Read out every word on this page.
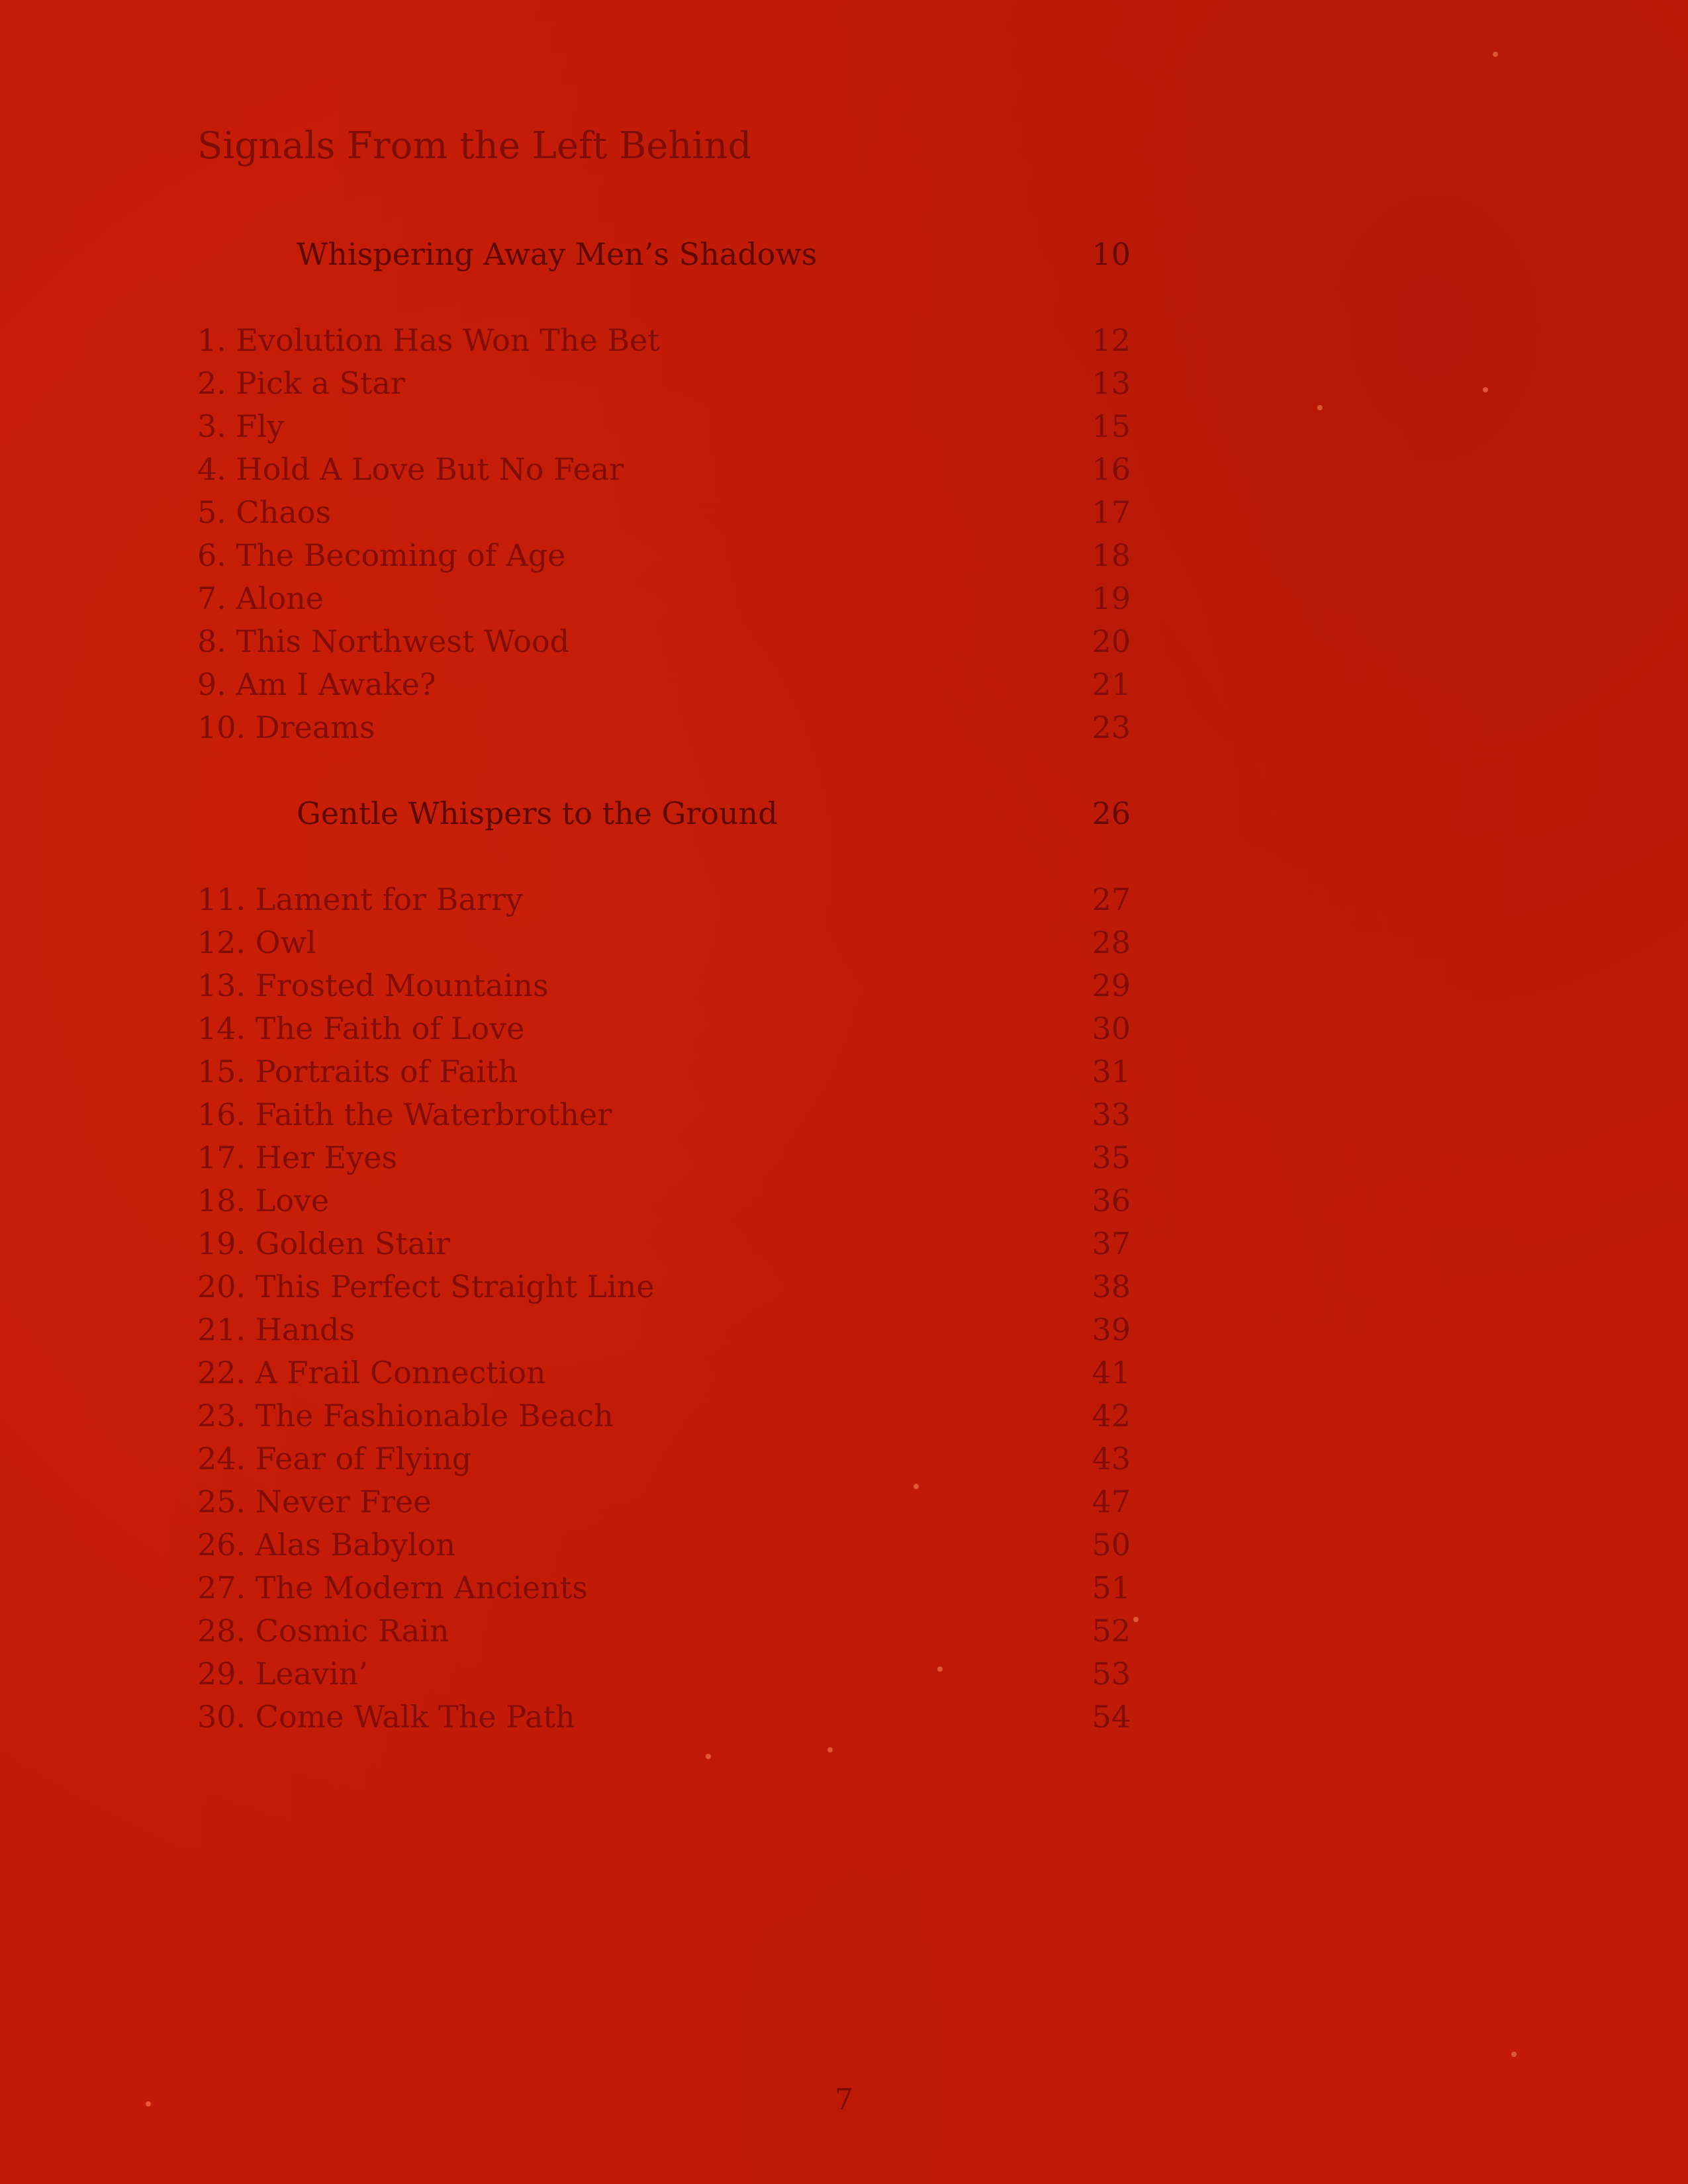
Signals From the Left Behind
Whispering Away Men’s Shadows	10
1. Evolution Has Won The Bet	12
2. Pick a Star	13
3. Fly	15
4. Hold A Love But No Fear	16
5. Chaos	17
6. The Becoming of Age	18
7. Alone	19
8. This Northwest Wood	20
9. Am I Awake?	21
10. Dreams	23
Gentle Whispers to the Ground	26
11. Lament for Barry	27
12. Owl	28
13. Frosted Mountains	29
14. The Faith of Love	30
15. Portraits of Faith	31
16. Faith the Waterbrother	33
17. Her Eyes	35
18. Love	36
19. Golden Stair	37
20. This Perfect Straight Line	38
21. Hands	39
22. A Frail Connection	41
23. The Fashionable Beach	42
24. Fear of Flying	43
25. Never Free	47
26. Alas Babylon	50
27. The Modern Ancients	51
28. Cosmic Rain	52
29. Leavin’	53
30. Come Walk The Path	54
7
